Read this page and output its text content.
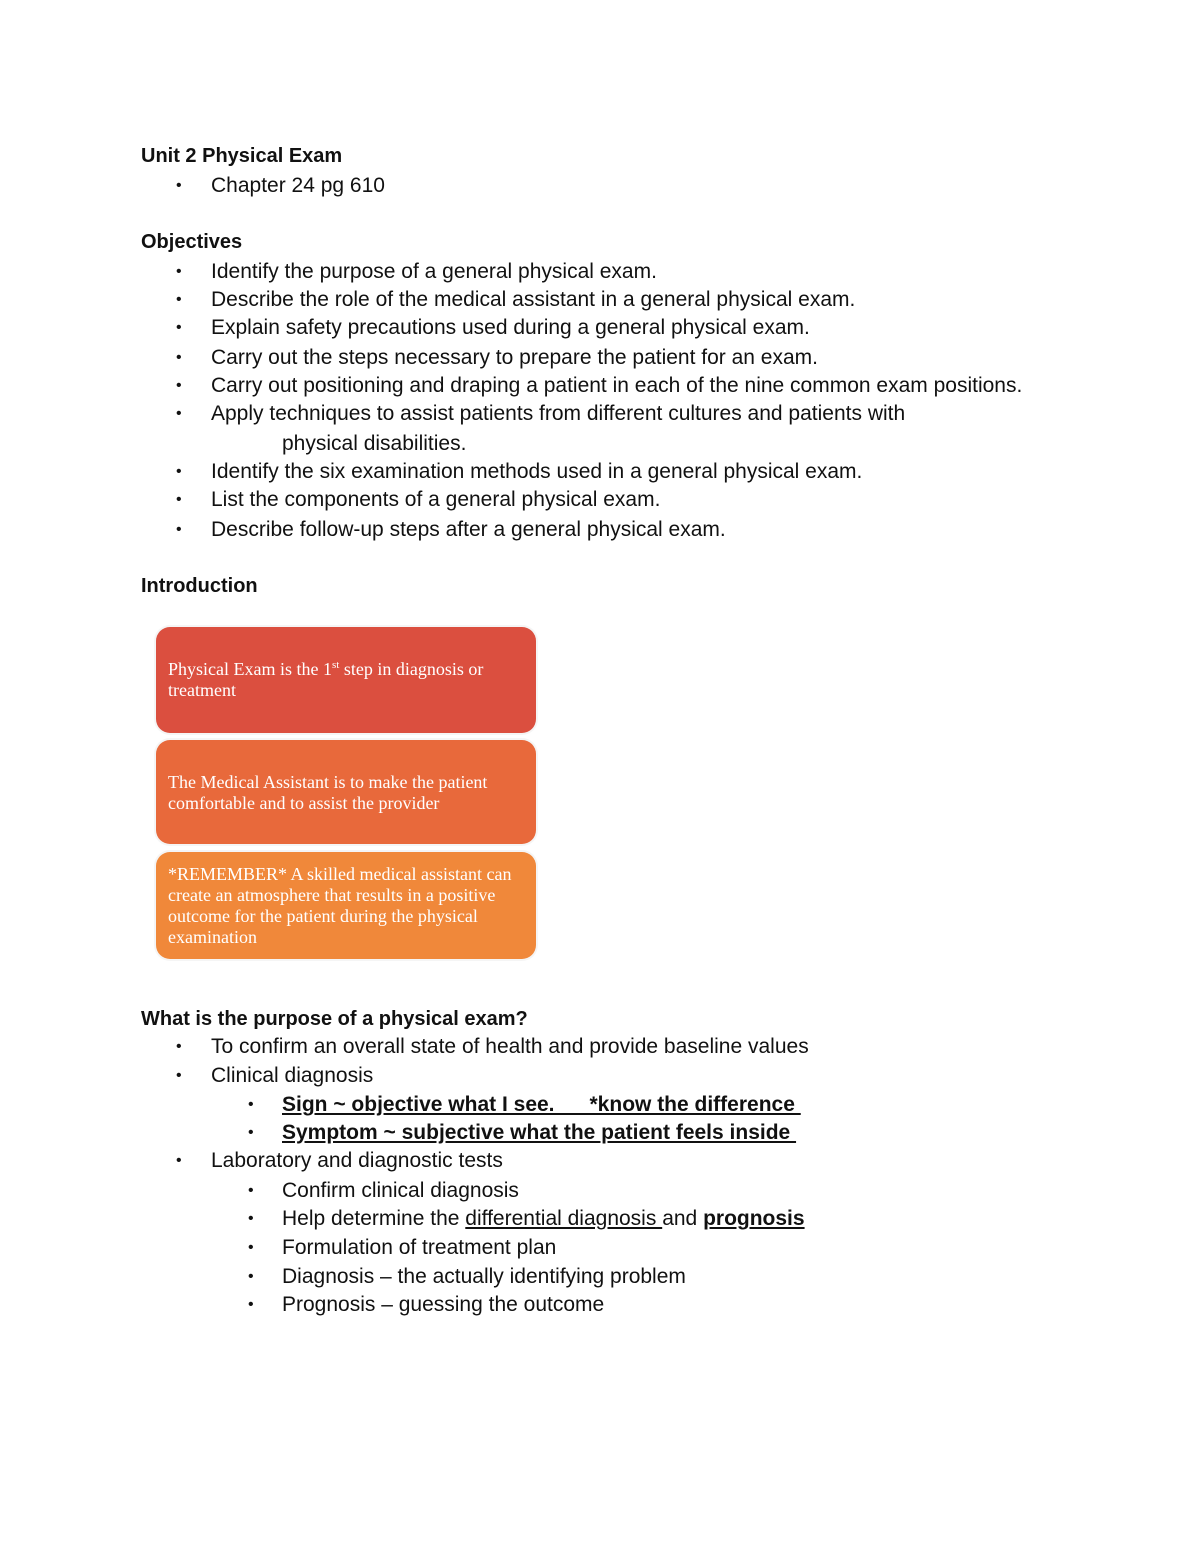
Unit 2 Physical Exam
• Chapter 24 pg 610
Objectives
• Identify the purpose of a general physical exam.
• Describe the role of the medical assistant in a general physical exam.
• Explain safety precautions used during a general physical exam.
• Carry out the steps necessary to prepare the patient for an exam.
• Carry out positioning and draping a patient in each of the nine common exam positions.
• Apply techniques to assist patients from different cultures and patients with
physical disabilities.
• Identify the six examination methods used in a general physical exam.
• List the components of a general physical exam.
• Describe follow-up steps after a general physical exam.
Introduction
Physical Exam is the 1st step in diagnosis or treatment
The Medical Assistant is to make the patient comfortable and to assist the provider
*REMEMBER* A skilled medical assistant can create an atmosphere that results in a positive outcome for the patient during the physical examination
What is the purpose of a physical exam?
• To confirm an overall state of health and provide baseline values
• Clinical diagnosis
• Sign ~ objective what I see.      *know the difference
• Symptom ~ subjective what the patient feels inside
• Laboratory and diagnostic tests
• Confirm clinical diagnosis
• Help determine the differential diagnosis and prognosis
• Formulation of treatment plan
• Diagnosis – the actually identifying problem
• Prognosis – guessing the outcome
